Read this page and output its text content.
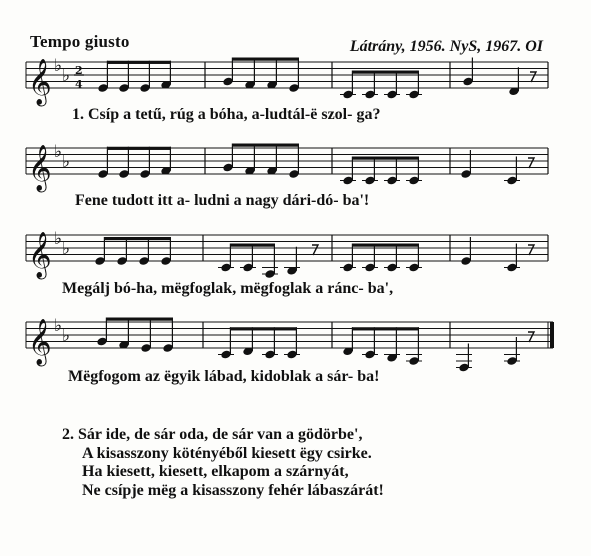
Tempo giusto	Látrány, 1956. NyS, 1967. OI
𝄞 ♭ ♭ 2
4
𝄞 ♭ ♭
𝄞 ♭ ♭
𝄞 ♭ ♭
1. Csíp a tetű, rúg a bóha, a-ludtál-ë szol- ga?
Fene tudott itt a- ludni a nagy dári-dó- ba'!
Megálj bó-ha, mëgfoglak, mëgfoglak a ránc- ba',
Mëgfogom az ëgyik lábad, kidoblak a sár- ba!
2. Sár ide, de sár oda, de sár van a gödörbe',
A kisasszony kötényéből kiesett ëgy csirke.
Ha kiesett, kiesett, elkapom a szárnyát,
Ne csípje mëg a kisasszony fehér lábaszárát!
